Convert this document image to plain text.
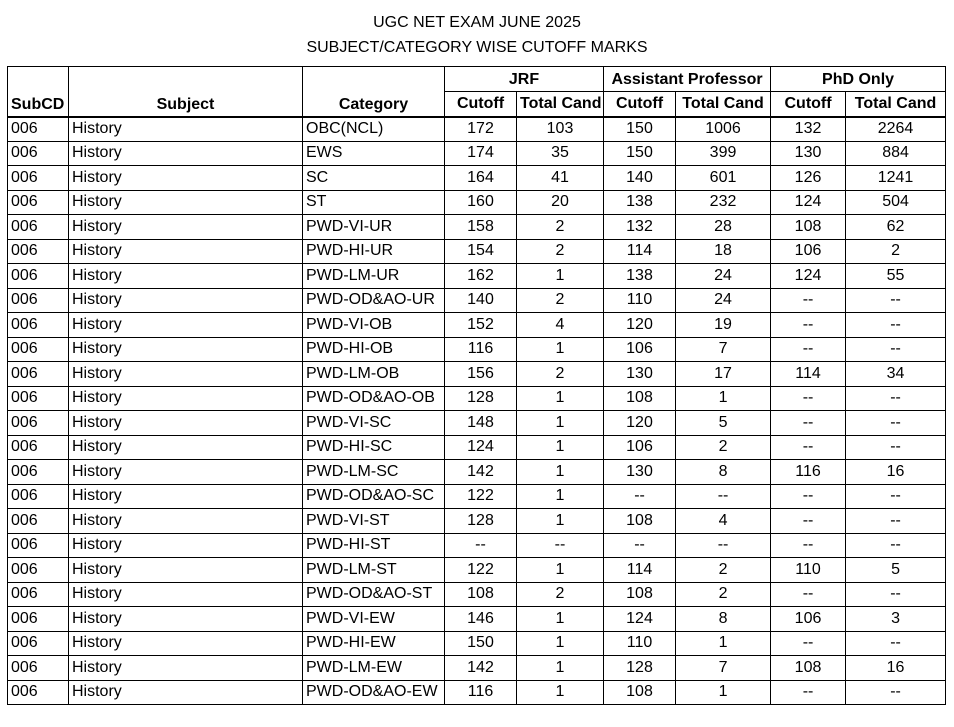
UGC NET EXAM JUNE 2025
SUBJECT/CATEGORY WISE CUTOFF MARKS
SubCD	Subject	Category	JRF		Assistant Professor		PhD Only	
			Cutoff	Total Cand	Cutoff	Total Cand	Cutoff	Total Cand
006	History	OBC(NCL)	172	103	150	1006	132	2264
006	History	EWS	174	35	150	399	130	884
006	History	SC	164	41	140	601	126	1241
006	History	ST	160	20	138	232	124	504
006	History	PWD-VI-UR	158	2	132	28	108	62
006	History	PWD-HI-UR	154	2	114	18	106	2
006	History	PWD-LM-UR	162	1	138	24	124	55
006	History	PWD-OD&AO-UR	140	2	110	24	--	--
006	History	PWD-VI-OB	152	4	120	19	--	--
006	History	PWD-HI-OB	116	1	106	7	--	--
006	History	PWD-LM-OB	156	2	130	17	114	34
006	History	PWD-OD&AO-OB	128	1	108	1	--	--
006	History	PWD-VI-SC	148	1	120	5	--	--
006	History	PWD-HI-SC	124	1	106	2	--	--
006	History	PWD-LM-SC	142	1	130	8	116	16
006	History	PWD-OD&AO-SC	122	1	--	--	--	--
006	History	PWD-VI-ST	128	1	108	4	--	--
006	History	PWD-HI-ST	--	--	--	--	--	--
006	History	PWD-LM-ST	122	1	114	2	110	5
006	History	PWD-OD&AO-ST	108	2	108	2	--	--
006	History	PWD-VI-EW	146	1	124	8	106	3
006	History	PWD-HI-EW	150	1	110	1	--	--
006	History	PWD-LM-EW	142	1	128	7	108	16
006	History	PWD-OD&AO-EW	116	1	108	1	--	--
